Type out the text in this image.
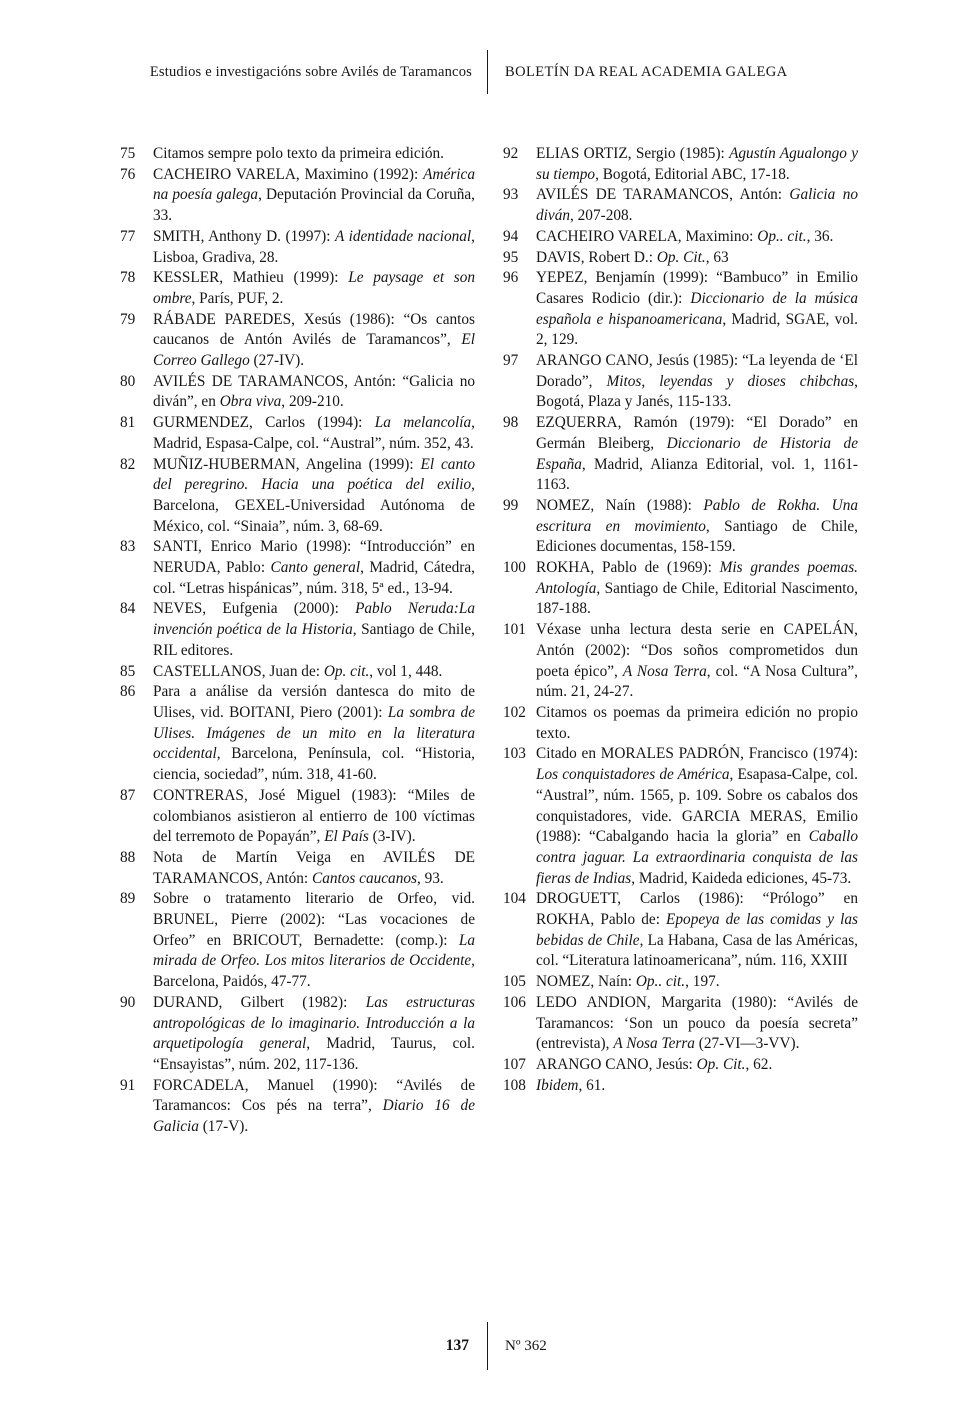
Estudios e investigacións sobre Avilés de Taramancos	BOLETÍN DA REAL ACADEMIA GALEGA
75	Citamos sempre polo texto da primeira edición.
76	CACHEIRO VARELA, Maximino (1992): América na poesía galega, Deputación Provincial da Coruña, 33.
77	SMITH, Anthony D. (1997): A identidade nacional, Lisboa, Gradiva, 28.
78	KESSLER, Mathieu (1999): Le paysage et son ombre, París, PUF, 2.
79	RÁBADE PAREDES, Xesús (1986): “Os cantos caucanos de Antón Avilés de Taramancos”, El Correo Gallego (27-IV).
80	AVILÉS DE TARAMANCOS, Antón: “Galicia no diván”, en Obra viva, 209-210.
81	GURMENDEZ, Carlos (1994): La melancolía, Madrid, Espasa-Calpe, col. “Austral”, núm. 352, 43.
82	MUÑIZ-HUBERMAN, Angelina (1999): El canto del peregrino. Hacia una poética del exilio, Barcelona, GEXEL-Universidad Autónoma de México, col. “Sinaia”, núm. 3, 68-69.
83	SANTI, Enrico Mario (1998): “Introducción” en NERUDA, Pablo: Canto general, Madrid, Cátedra, col. “Letras hispánicas”, núm. 318, 5ª ed., 13-94.
84	NEVES, Eufgenia (2000): Pablo Neruda:La invención poética de la Historia, Santiago de Chile, RIL editores.
85	CASTELLANOS, Juan de: Op. cit., vol 1, 448.
86	Para a análise da versión dantesca do mito de Ulises, vid. BOITANI, Piero (2001): La sombra de Ulises. Imágenes de un mito en la literatura occidental, Barcelona, Península, col. “Historia, ciencia, sociedad”, núm. 318, 41-60.
87	CONTRERAS, José Miguel (1983): “Miles de colombianos asistieron al entierro de 100 víctimas del terremoto de Popayán”, El País (3-IV).
88	Nota de Martín Veiga en AVILÉS DE TARAMANCOS, Antón: Cantos caucanos, 93.
89	Sobre o tratamento literario de Orfeo, vid. BRUNEL, Pierre (2002): “Las vocaciones de Orfeo” en BRICOUT, Bernadette: (comp.): La mirada de Orfeo. Los mitos literarios de Occidente, Barcelona, Paidós, 47-77.
90	DURAND, Gilbert (1982): Las estructuras antropológicas de lo imaginario. Introducción a la arquetipología general, Madrid, Taurus, col. “Ensayistas”, núm. 202, 117-136.
91	FORCADELA, Manuel (1990): “Avilés de Taramancos: Cos pés na terra”, Diario 16 de Galicia (17-V).
92	ELIAS ORTIZ, Sergio (1985): Agustín Agualongo y su tiempo, Bogotá, Editorial ABC, 17-18.
93	AVILÉS DE TARAMANCOS, Antón: Galicia no diván, 207-208.
94	CACHEIRO VARELA, Maximino: Op.. cit., 36.
95	DAVIS, Robert D.: Op. Cit., 63
96	YEPEZ, Benjamín (1999): “Bambuco” in Emilio Casares Rodicio (dir.): Diccionario de la música española e hispanoamericana, Madrid, SGAE, vol. 2, 129.
97	ARANGO CANO, Jesús (1985): “La leyenda de ‘El Dorado”, Mitos, leyendas y dioses chibchas, Bogotá, Plaza y Janés, 115-133.
98	EZQUERRA, Ramón (1979): “El Dorado” en Germán Bleiberg, Diccionario de Historia de España, Madrid, Alianza Editorial, vol. 1, 1161-1163.
99	NOMEZ, Naín (1988): Pablo de Rokha. Una escritura en movimiento, Santiago de Chile, Ediciones documentas, 158-159.
100 ROKHA, Pablo de (1969): Mis grandes poemas. Antología, Santiago de Chile, Editorial Nascimento, 187-188.
101 Véxase unha lectura desta serie en CAPELÁN, Antón (2002): “Dos soños comprometidos dun poeta épico”, A Nosa Terra, col. “A Nosa Cultura”, núm. 21, 24-27.
102 Citamos os poemas da primeira edición no propio texto.
103 Citado en MORALES PADRÓN, Francisco (1974): Los conquistadores de América, Esapasa-Calpe, col. “Austral”, núm. 1565, p. 109. Sobre os cabalos dos conquistadores, vide. GARCIA MERAS, Emilio (1988): “Cabalgando hacia la gloria” en Caballo contra jaguar. La extraordinaria conquista de las fieras de Indias, Madrid, Kaideda ediciones, 45-73.
104 DROGUETT, Carlos (1986): “Prólogo” en ROKHA, Pablo de: Epopeya de las comidas y las bebidas de Chile, La Habana, Casa de las Américas, col. “Literatura latinoamericana”, núm. 116, XXIII
105 NOMEZ, Naín: Op.. cit., 197.
106 LEDO ANDION, Margarita (1980): “Avilés de Taramancos: ‘Son un pouco da poesía secreta” (entrevista), A Nosa Terra (27-VI—3-VV).
107 ARANGO CANO, Jesús: Op. Cit., 62.
108 Ibidem, 61.
137	Nº 362
